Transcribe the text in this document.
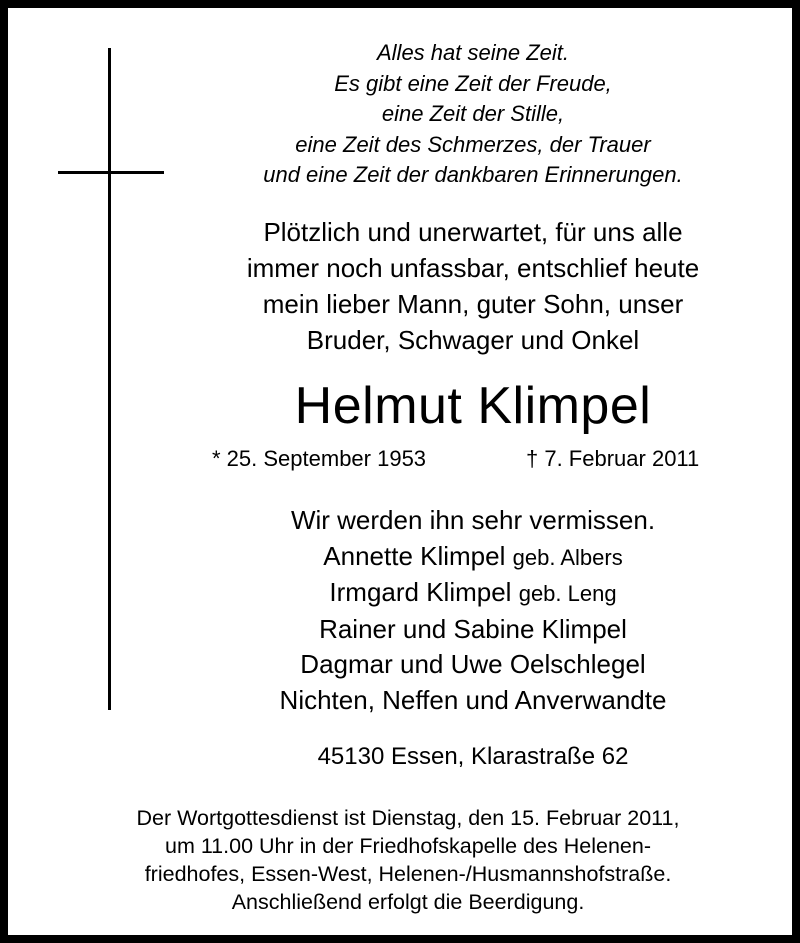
Alles hat seine Zeit.
Es gibt eine Zeit der Freude,
eine Zeit der Stille,
eine Zeit des Schmerzes, der Trauer
und eine Zeit der dankbaren Erinnerungen.
Plötzlich und unerwartet, für uns alle
immer noch unfassbar, entschlief heute
mein lieber Mann, guter Sohn, unser
Bruder, Schwager und Onkel
Helmut Klimpel
* 25. September 1953	† 7. Februar 2011
Wir werden ihn sehr vermissen.
Annette Klimpel geb. Albers
Irmgard Klimpel geb. Leng
Rainer und Sabine Klimpel
Dagmar und Uwe Oelschlegel
Nichten, Neffen und Anverwandte
45130 Essen, Klarastraße 62
Der Wortgottesdienst ist Dienstag, den 15. Februar 2011,
um 11.00 Uhr in der Friedhofskapelle des Helenen-
friedhofes, Essen-West, Helenen-/Husmannshofstraße.
Anschließend erfolgt die Beerdigung.
